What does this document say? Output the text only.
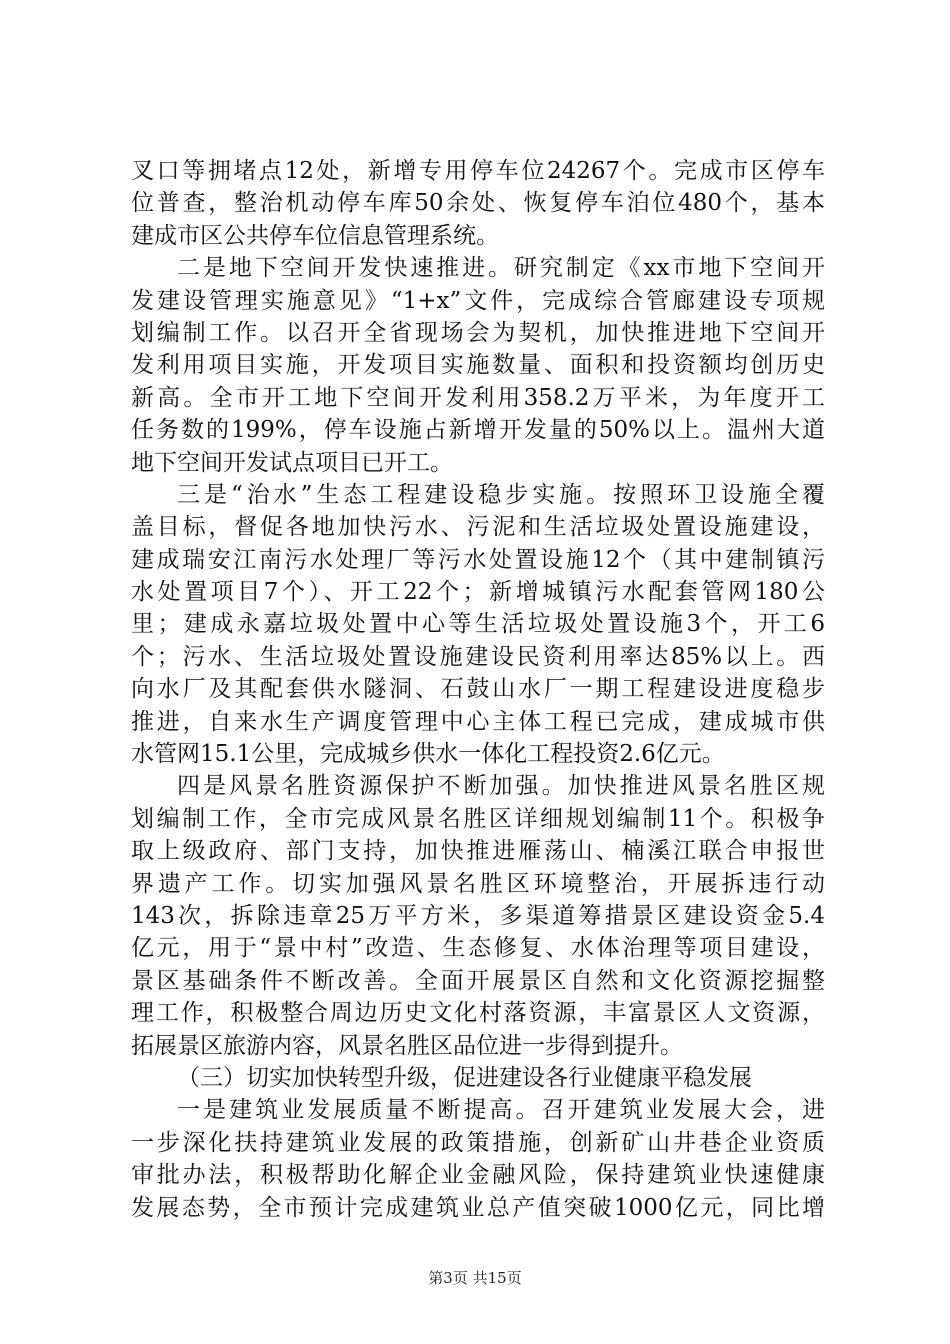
叉口等拥堵点12处，新增专用停车位24267个。完成市区停车
位普查，整治机动停车库50余处、恢复停车泊位480个，基本
建成市区公共停车位信息管理系统。
二是地下空间开发快速推进。研究制定《xx市地下空间开
发建设管理实施意见》“1+x”文件，完成综合管廊建设专项规
划编制工作。以召开全省现场会为契机，加快推进地下空间开
发利用项目实施，开发项目实施数量、面积和投资额均创历史
新高。全市开工地下空间开发利用358.2万平米，为年度开工
任务数的199%，停车设施占新增开发量的50%以上。温州大道
地下空间开发试点项目已开工。
三是“治水”生态工程建设稳步实施。按照环卫设施全覆
盖目标，督促各地加快污水、污泥和生活垃圾处置设施建设，
建成瑞安江南污水处理厂等污水处置设施12个（其中建制镇污
水处置项目7个）、开工22个；新增城镇污水配套管网180公
里；建成永嘉垃圾处置中心等生活垃圾处置设施3个，开工6
个；污水、生活垃圾处置设施建设民资利用率达85%以上。西
向水厂及其配套供水隧洞、石鼓山水厂一期工程建设进度稳步
推进，自来水生产调度管理中心主体工程已完成，建成城市供
水管网15.1公里，完成城乡供水一体化工程投资2.6亿元。
四是风景名胜资源保护不断加强。加快推进风景名胜区规
划编制工作，全市完成风景名胜区详细规划编制11个。积极争
取上级政府、部门支持，加快推进雁荡山、楠溪江联合申报世
界遗产工作。切实加强风景名胜区环境整治，开展拆违行动
143次，拆除违章25万平方米，多渠道筹措景区建设资金5.4
亿元，用于“景中村”改造、生态修复、水体治理等项目建设，
景区基础条件不断改善。全面开展景区自然和文化资源挖掘整
理工作，积极整合周边历史文化村落资源，丰富景区人文资源，
拓展景区旅游内容，风景名胜区品位进一步得到提升。
（三）切实加快转型升级，促进建设各行业健康平稳发展
一是建筑业发展质量不断提高。召开建筑业发展大会，进
一步深化扶持建筑业发展的政策措施，创新矿山井巷企业资质
审批办法，积极帮助化解企业金融风险，保持建筑业快速健康
发展态势，全市预计完成建筑业总产值突破1000亿元，同比增
第3页 共15页
